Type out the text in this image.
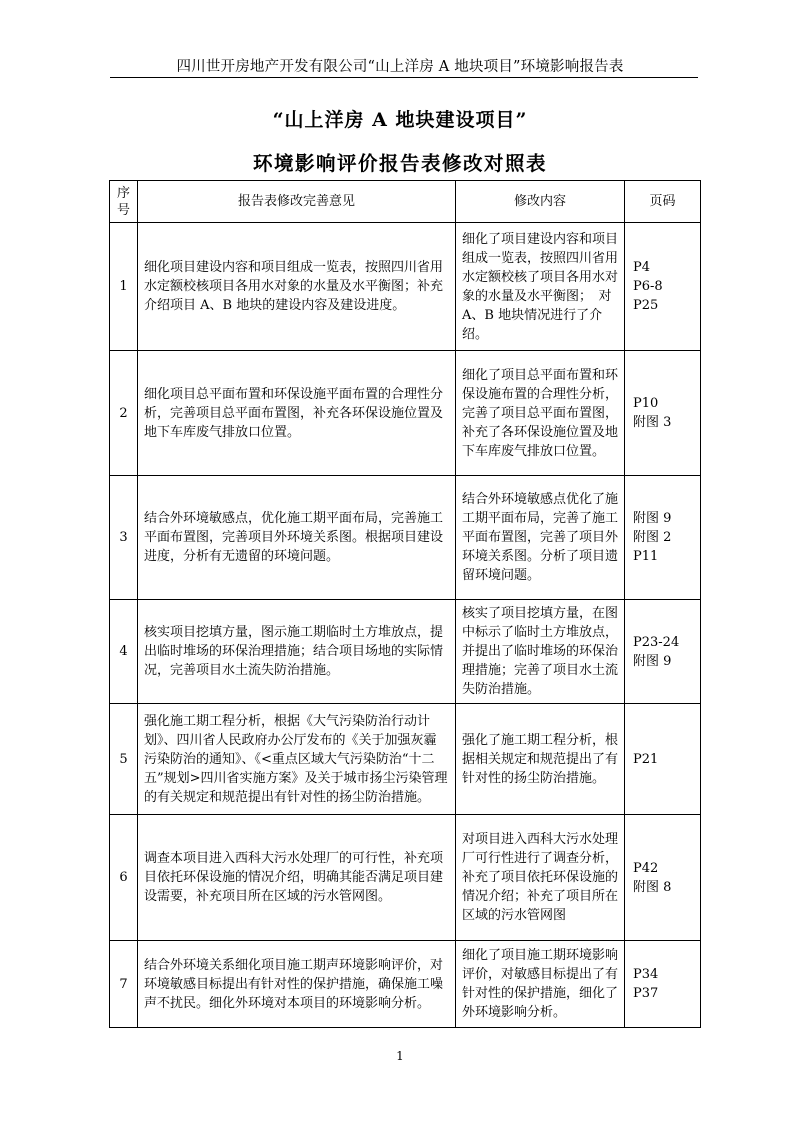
四川世开房地产开发有限公司“山上洋房 A 地块项目”环境影响报告表
“山上洋房 A 地块建设项目”
环境影响评价报告表修改对照表
序号	报告表修改完善意见	修改内容	页码
1	细化项目建设内容和项目组成一览表，按照四川省用水定额校核项目各用水对象的水量及水平衡图；补充介绍项目 A、B 地块的建设内容及建设进度。	细化了项目建设内容和项目组成一览表，按照四川省用水定额校核了项目各用水对象的水量及水平衡图；　对 A、B 地块情况进行了介绍。	P4
P6-8
P25

2	细化项目总平面布置和环保设施平面布置的合理性分析，完善项目总平面布置图，补充各环保设施位置及地下车库废气排放口位置。	细化了项目总平面布置和环保设施布置的合理性分析，完善了项目总平面布置图，补充了各环保设施位置及地下车库废气排放口位置。	P10
附图 3

3	结合外环境敏感点，优化施工期平面布局，完善施工平面布置图，完善项目外环境关系图。根据项目建设进度，分析有无遗留的环境问题。	结合外环境敏感点优化了施工期平面布局，完善了施工平面布置图，完善了项目外环境关系图。分析了项目遗留环境问题。	附图 9
附图 2
P11

4	核实项目挖填方量，图示施工期临时土方堆放点，提出临时堆场的环保治理措施；结合项目场地的实际情况，完善项目水土流失防治措施。	核实了项目挖填方量，在图中标示了临时土方堆放点，并提出了临时堆场的环保治理措施；完善了项目水土流失防治措施。	P23-24
附图 9

5	强化施工期工程分析，根据《大气污染防治行动计划》、四川省人民政府办公厅发布的《关于加强灰霾污染防治的通知》、《<重点区域大气污染防治“十二五”规划>四川省实施方案》及关于城市扬尘污染管理的有关规定和规范提出有针对性的扬尘防治措施。	强化了施工期工程分析，根据相关规定和规范提出了有针对性的扬尘防治措施。	P21

6	调查本项目进入西科大污水处理厂的可行性，补充项目依托环保设施的情况介绍，明确其能否满足项目建设需要，补充项目所在区域的污水管网图。	对项目进入西科大污水处理厂可行性进行了调查分析，补充了项目依托环保设施的情况介绍；补充了项目所在区域的污水管网图	P42
附图 8

7	结合外环境关系细化项目施工期声环境影响评价，对环境敏感目标提出有针对性的保护措施，确保施工噪声不扰民。细化外环境对本项目的环境影响分析。	细化了项目施工期环境影响评价，对敏感目标提出了有针对性的保护措施，细化了外环境影响分析。	P34
P37
1
